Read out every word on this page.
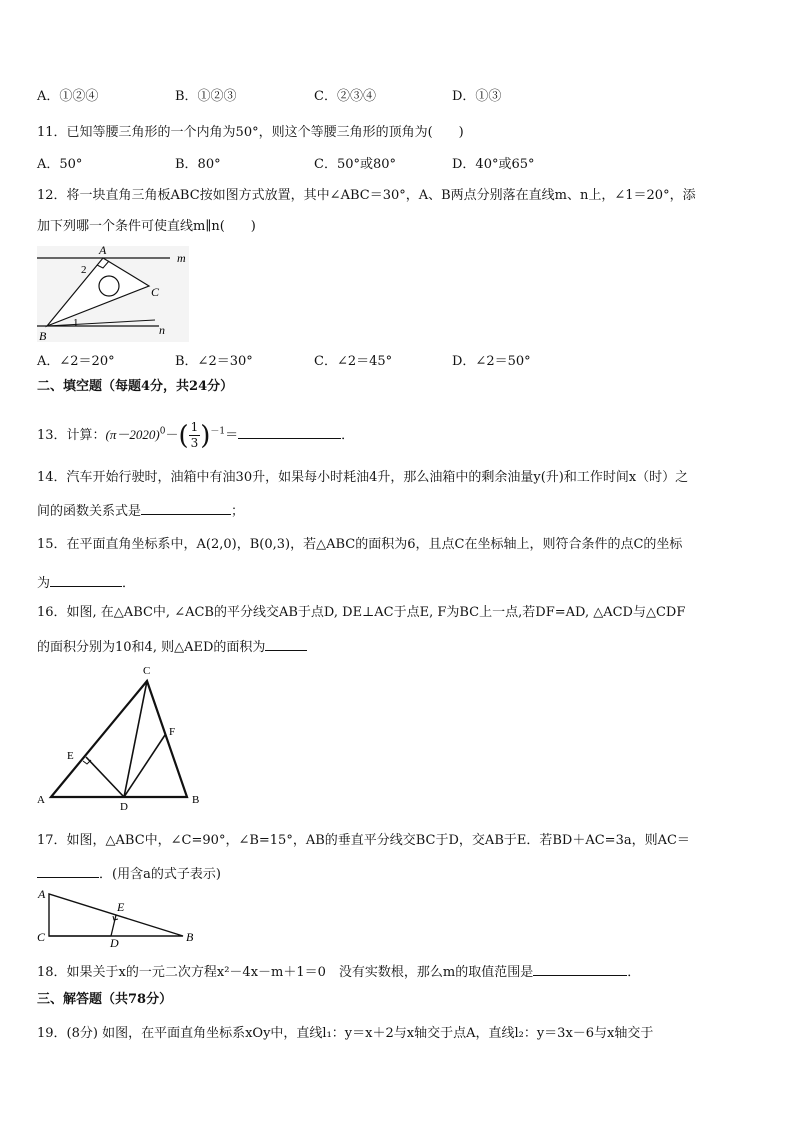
A．①②④	B．①②③	C．②③④	D．①③
11．已知等腰三角形的一个内角为50°，则这个等腰三角形的顶角为(　　)
A．50°	B．80°	C．50°或80°	D．40°或65°
12．将一块直角三角板ABC按如图方式放置，其中∠ABC＝30°，A、B两点分别落在直线m、n上，∠1＝20°，添
加下列哪一个条件可使直线m∥n(　　)
A
B
C
m
n
1
2
A．∠2＝20°	B．∠2＝30°	C．∠2＝45°	D．∠2＝50°
二、填空题（每题4分，共24分）
13．计算：$(\pi-2020)^0-( \frac{1}{3} )^{-1}=$	．
14．汽车开始行驶时，油箱中有油30升，如果每小时耗油4升，那么油箱中的剩余油量y(升)和工作时间x（时）之
间的函数关系式是	；
15．在平面直角坐标系中，A(2,0)，B(0,3)，若△ABC的面积为6，且点C在坐标轴上，则符合条件的点C的坐标
为	．
16．如图, 在△ABC中, ∠ACB的平分线交AB于点D, DE⊥AC于点E, F为BC上一点,若DF=AD, △ACD与△CDF
的面积分别为10和4, 则△AED的面积为
A	B
C
D
E
F
17．如图，△ABC中，∠C=90°，∠B=15°，AB的垂直平分线交BC于D，交AB于E．若BD＋AC=3a，则AC＝
．(用含a的式子表示)
A
B
C	D
E
18．如果关于x的一元二次方程x²－4x－m＋1＝0　没有实数根，那么m的取值范围是	．
三、解答题（共78分）
19．(8分) 如图，在平面直角坐标系xOy中，直线l₁：y＝x＋2与x轴交于点A，直线l₂：y＝3x－6与x轴交于
